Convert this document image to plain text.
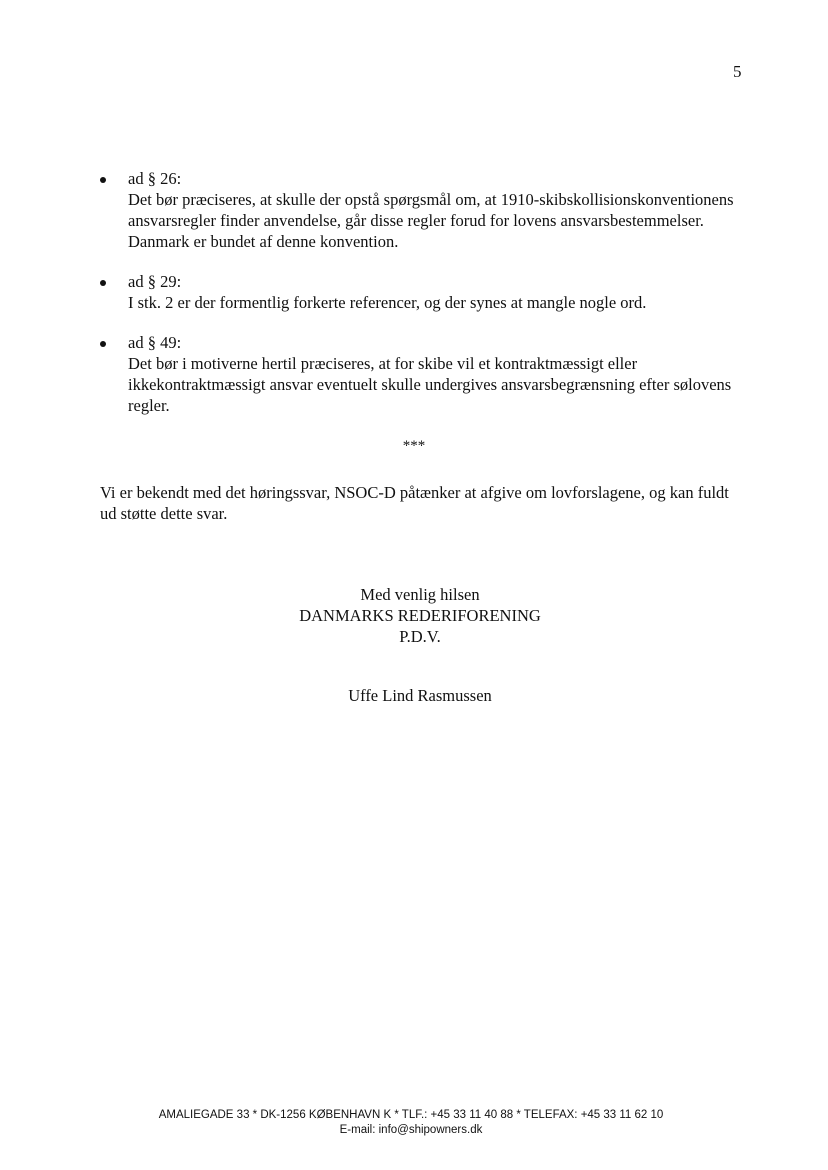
5
ad § 26:
Det bør præciseres, at skulle der opstå spørgsmål om, at 1910-skibskollisionskonventionens ansvarsregler finder anvendelse, går disse regler forud for lovens ansvarsbestemmelser. Danmark er bundet af denne konvention.
ad § 29:
I stk. 2 er der formentlig forkerte referencer, og der synes at mangle nogle ord.
ad § 49:
Det bør i motiverne hertil præciseres, at for skibe vil et kontraktmæssigt eller ikkekontraktmæssigt ansvar eventuelt skulle undergives ansvarsbegrænsning efter sølovens regler.
***
Vi er bekendt med det høringssvar, NSOC-D påtænker at afgive om lovforslagene, og kan fuldt ud støtte dette svar.
Med venlig hilsen
DANMARKS REDERIFORENING
P.D.V.
Uffe Lind Rasmussen
AMALIEGADE 33 * DK-1256 KØBENHAVN K * TLF.: +45 33 11 40 88 * TELEFAX: +45 33 11 62 10
E-mail: info@shipowners.dk
